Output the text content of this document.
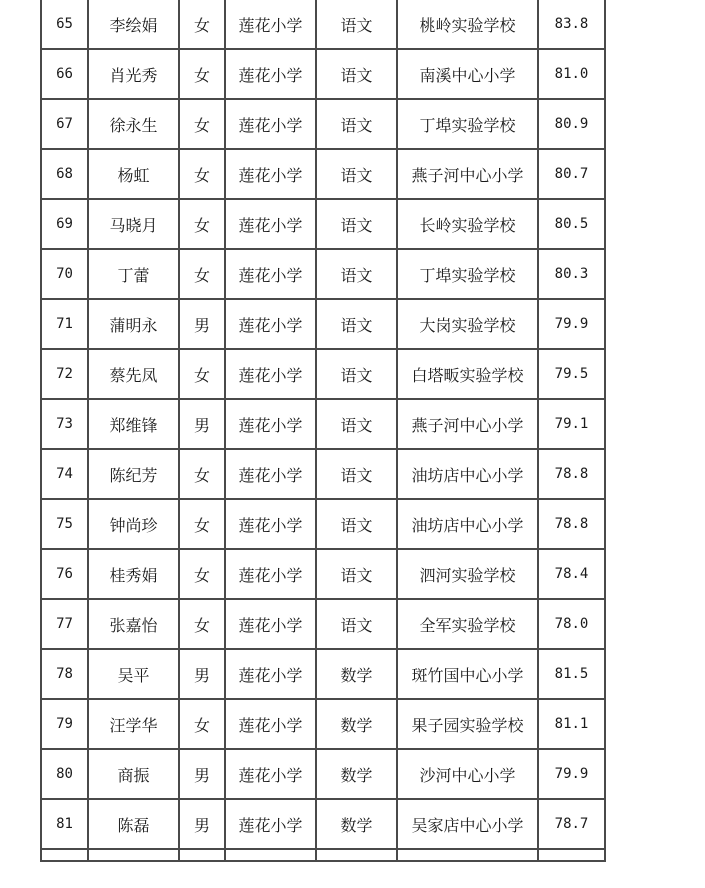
65	李绘娟	女	莲花小学	语文	桃岭实验学校	83.8
66	肖光秀	女	莲花小学	语文	南溪中心小学	81.0
67	徐永生	女	莲花小学	语文	丁埠实验学校	80.9
68	杨虹	女	莲花小学	语文	燕子河中心小学	80.7
69	马晓月	女	莲花小学	语文	长岭实验学校	80.5
70	丁蕾	女	莲花小学	语文	丁埠实验学校	80.3
71	蒲明永	男	莲花小学	语文	大岗实验学校	79.9
72	蔡先凤	女	莲花小学	语文	白塔畈实验学校	79.5
73	郑维锋	男	莲花小学	语文	燕子河中心小学	79.1
74	陈纪芳	女	莲花小学	语文	油坊店中心小学	78.8
75	钟尚珍	女	莲花小学	语文	油坊店中心小学	78.8
76	桂秀娟	女	莲花小学	语文	泗河实验学校	78.4
77	张嘉怡	女	莲花小学	语文	全军实验学校	78.0
78	吴平	男	莲花小学	数学	斑竹国中心小学	81.5
79	汪学华	女	莲花小学	数学	果子园实验学校	81.1
80	商振	男	莲花小学	数学	沙河中心小学	79.9
81	陈磊	男	莲花小学	数学	吴家店中心小学	78.7
